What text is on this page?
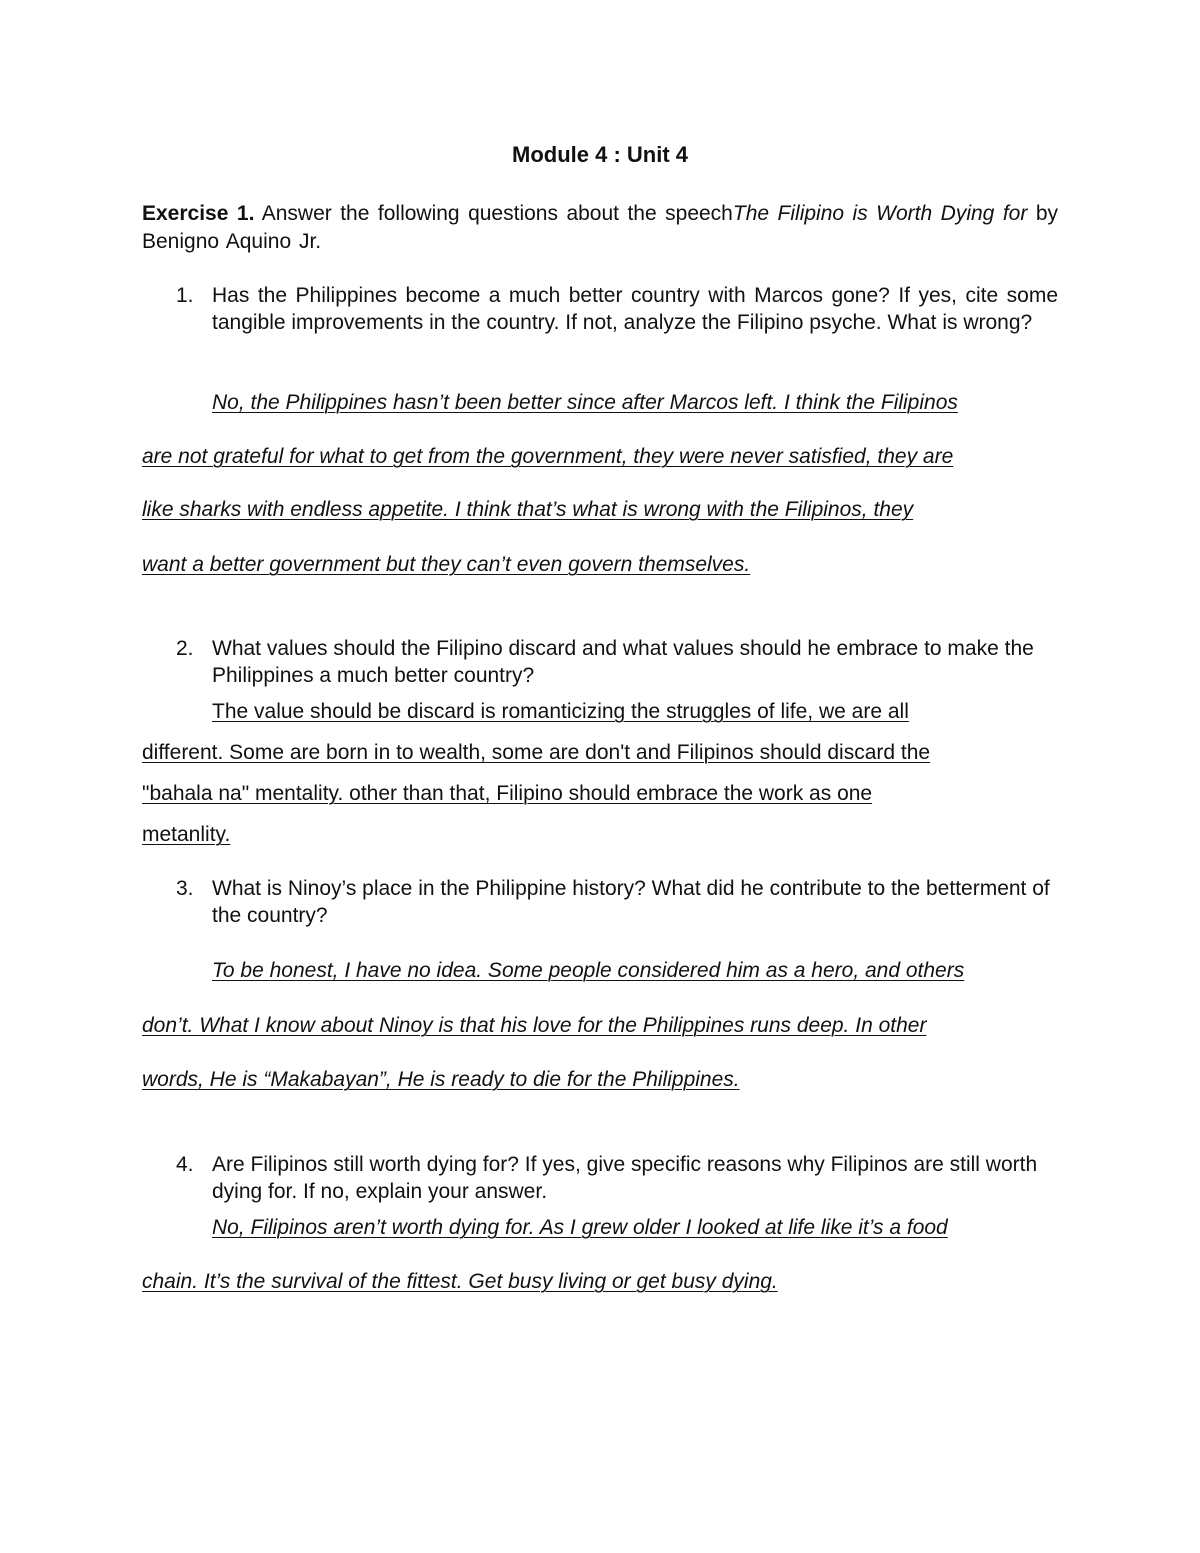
Module 4 : Unit 4
Exercise 1. Answer the following questions about the speechThe Filipino is Worth Dying for by Benigno Aquino Jr.
1. Has the Philippines become a much better country with Marcos gone? If yes, cite some tangible improvements in the country. If not, analyze the Filipino psyche. What is wrong?
No, the Philippines hasn’t been better since after Marcos left. I think the Filipinos
are not grateful for what to get from the government, they were never satisfied, they are
like sharks with endless appetite. I think that’s what is wrong with the Filipinos, they
want a better government but they can’t even govern themselves.
2. What values should the Filipino discard and what values should he embrace to make the Philippines a much better country?
The value should be discard is romanticizing the struggles of life, we are all
different. Some are born in to wealth, some are don't and Filipinos should discard the
"bahala na" mentality. other than that, Filipino should embrace the work as one
metanlity.
3. What is Ninoy’s place in the Philippine history? What did he contribute to the betterment of the country?
To be honest, I have no idea. Some people considered him as a hero, and others
don’t. What I know about Ninoy is that his love for the Philippines runs deep. In other
words, He is “Makabayan”, He is ready to die for the Philippines.
4. Are Filipinos still worth dying for? If yes, give specific reasons why Filipinos are still worth dying for. If no, explain your answer.
No, Filipinos aren’t worth dying for. As I grew older I looked at life like it’s a food
chain. It’s the survival of the fittest. Get busy living or get busy dying.
